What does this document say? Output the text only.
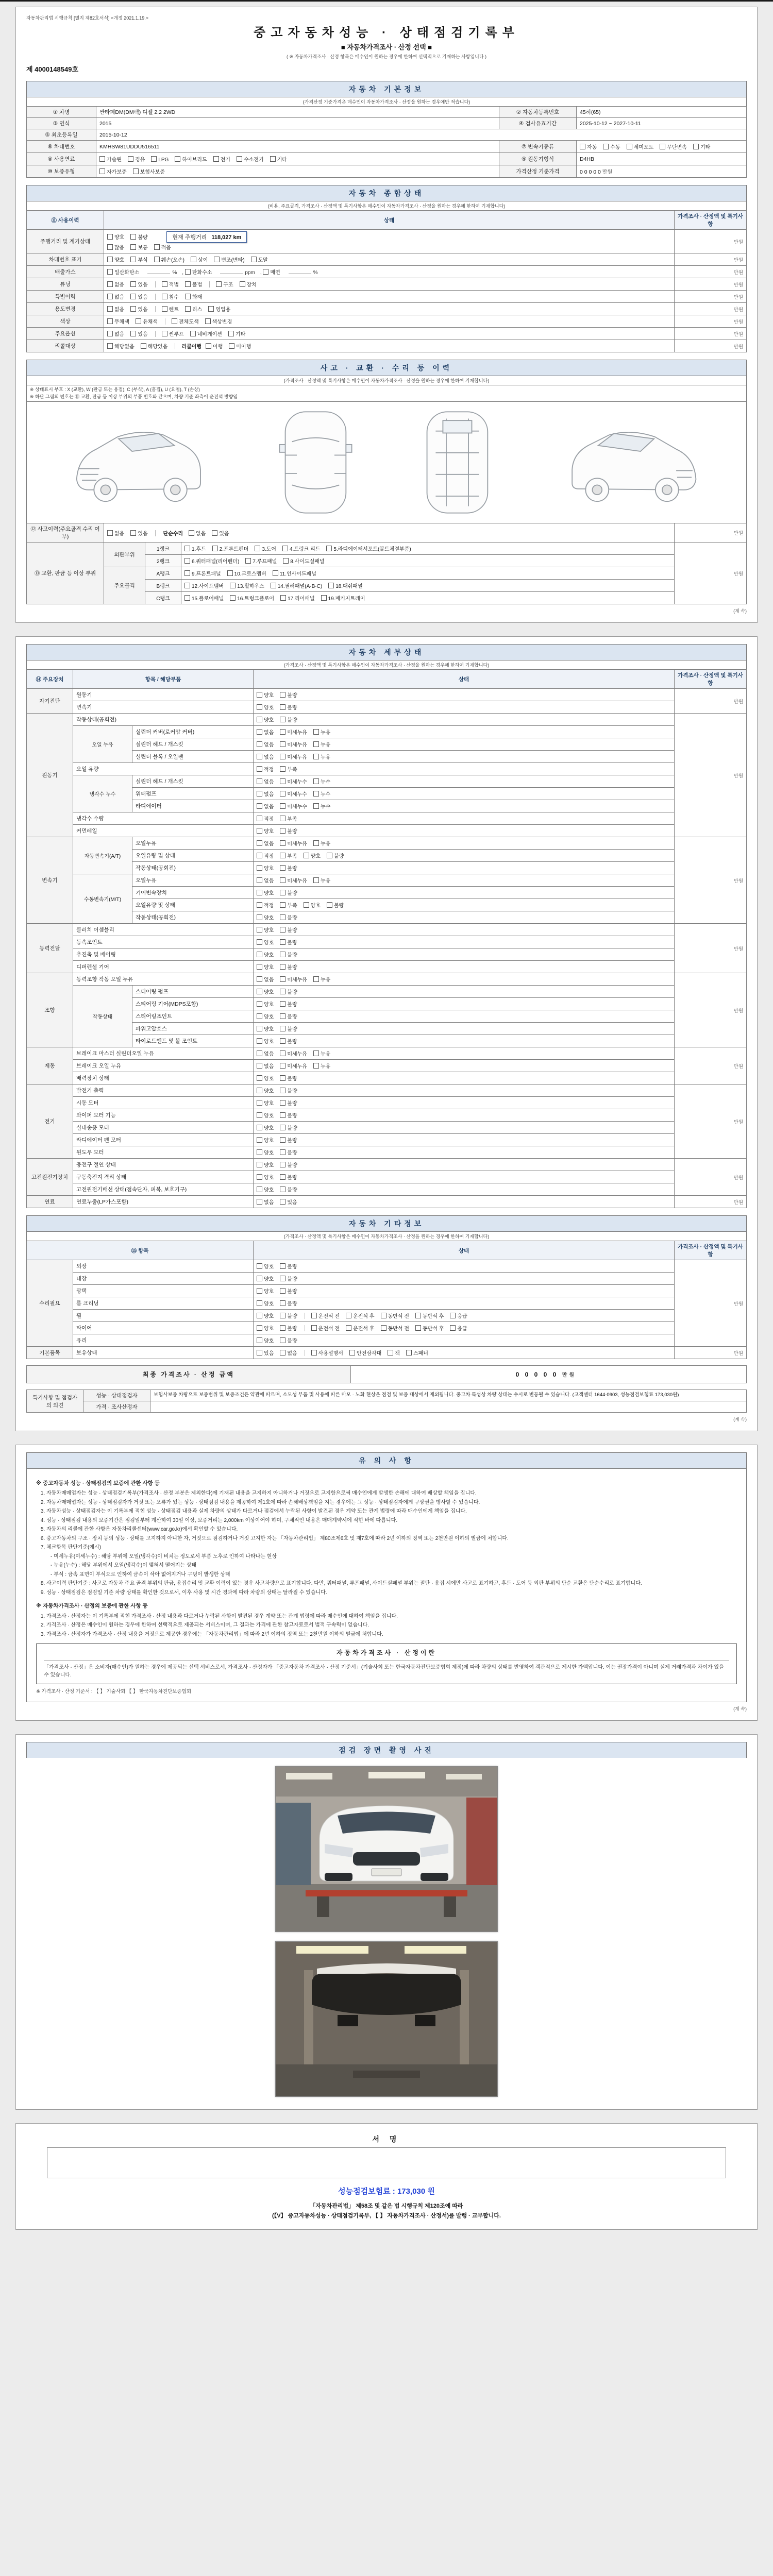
자동차관리법 시행규칙 [별지 제82호서식] <개정 2021.1.19.>
중고자동차성능 · 상태점검기록부
■ 자동차가격조사 · 산정 선택 ■
( ※ 자동차가격조사 · 산정 항목은 매수인이 원하는 경우에 한하여 선택적으로 기재하는 사항입니다 )
제 4000148549호
자동차 기본정보
(가격산정 기준가격은 매수인이 자동차가격조사 · 산정을 원하는 경우에만 적습니다)
① 차명	싼타페DM(DM팩) 디젤 2.2 2WD	② 자동차등록번호	45허(65)
③ 연식	2015	④ 검사유효기간	2025-10-12 ~ 2027-10-11
⑤ 최초등록일	2015-10-12		
⑥ 차대번호	KMHSW81UDDU516511	⑦ 변속기종류	자동 수동 세미오토 무단변속 기타
⑧ 사용연료	가솔린 경유 LPG 하이브리드 전기 수소전기 기타	⑨ 원동기형식	D4HB
⑩ 보증유형	자가보증 보험사보증	가격산정 기준가격	0 0 0 0 0 만원
자동차 종합상태
(비용, 주요골격, 가격조사 · 산정액 및 특기사항은 매수인이 자동차가격조사 · 산정을 원하는 경우에 한하여 기재합니다)
⑪ 사용이력	상태	가격조사 · 산정액 및 특기사항
주행거리 및 계기상태	양호 불량 현재 주행거리 118,027 km
많음 보통 적음	만원
차대번호 표기	양호 부식 훼손(오손) 상이 변조(변타) 도말	만원
배출가스	일산화탄소 % , 탄화수소 ppm , 매연 %	만원
튜닝	없음 있음 적법 불법 구조 장치	만원
특별이력	없음 있음 침수 화재	만원
용도변경	없음 있음 렌트 리스 영업용	만원
색상	무채색 유채색 전체도색 색상변경	만원
주요옵션	없음 있음 썬루프 네비게이션 기타	만원
리콜대상	해당없음 해당있음 리콜이행 이행 미이행	만원
사고 · 교환 · 수리 등 이력
(가격조사 · 산정액 및 특기사항은 매수인이 자동차가격조사 · 산정을 원하는 경우에 한하여 기재합니다)
※ 상태표시 부호 : X (교환), W (판금 또는 용접), C (부식), A (흠집), U (요철), T (손상)
※ 하단 그림의 번호는 ⑬ 교환, 판금 등 이상 부위의 부품 번호와 같으며, 차량 기준 좌측이 운전석 방향임
⑫ 사고이력(주요골격 수리 여부)	없음 있음 단순수리 없음 있음			만원
⑬ 교환, 판금 등 이상 부위	외판부위	1랭크	1.후드 2.프론트펜더 3.도어 4.트렁크 리드 5.라디에이터서포트(볼트체결부품)	만원
		2랭크	6.쿼터패널(리어펜더) 7.루프패널 8.사이드실패널	
	주요골격	A랭크	9.프론트패널 10.크로스멤버 11.인사이드패널	
		B랭크	12.사이드멤버 13.휠하우스 14.필러패널(A·B·C) 18.대쉬패널	
		C랭크	15.플로어패널 16.트렁크플로어 17.리어패널 19.패키지트레이	
(계 속)
자동차 세부상태
(가격조사 · 산정액 및 특기사항은 매수인이 자동차가격조사 · 산정을 원하는 경우에 한하여 기재합니다)
⑭ 주요장치	항목 / 해당부품		상태	가격조사 · 산정액 및 특기사항
자기진단	원동기		양호 불량	만원
	변속기		양호 불량	
원동기	작동상태(공회전)		양호 불량	만원
	오일 누유	실린더 커버(로커암 커버)	없음 미세누유 누유	
		실린더 헤드 / 개스킷	없음 미세누유 누유	
		실린더 블록 / 오일팬	없음 미세누유 누유	
	오일 유량		적정 부족	
	냉각수 누수	실린더 헤드 / 개스킷	없음 미세누수 누수	
		워터펌프	없음 미세누수 누수	
		라디에이터	없음 미세누수 누수	
	냉각수 수량		적정 부족	
	커먼레일		양호 불량	
변속기	자동변속기(A/T)	오일누유	없음 미세누유 누유	만원
		오일유량 및 상태	적정 부족 양호 불량	
		작동상태(공회전)	양호 불량	
	수동변속기(M/T)	오일누유	없음 미세누유 누유	
		기어변속장치	양호 불량	
		오일유량 및 상태	적정 부족 양호 불량	
		작동상태(공회전)	양호 불량	
동력전달	클러치 어셈블리		양호 불량	만원
	등속조인트		양호 불량	
	추진축 및 베어링		양호 불량	
	디퍼렌셜 기어		양호 불량	
조향	동력조향 작동 오일 누유		없음 미세누유 누유	만원
	작동상태	스티어링 펌프	양호 불량	
		스티어링 기어(MDPS포함)	양호 불량	
		스티어링조인트	양호 불량	
		파워고압호스	양호 불량	
		타이로드엔드 및 볼 조인트	양호 불량	
제동	브레이크 마스터 실린더오일 누유		없음 미세누유 누유	만원
	브레이크 오일 누유		없음 미세누유 누유	
	배력장치 상태		양호 불량	
전기	발전기 출력		양호 불량	만원
	시동 모터		양호 불량	
	와이퍼 모터 기능		양호 불량	
	실내송풍 모터		양호 불량	
	라디에이터 팬 모터		양호 불량	
	윈도우 모터		양호 불량	
고전원전기장치	충전구 절연 상태		양호 불량	만원
	구동축전지 격리 상태		양호 불량	
	고전원전기배선 상태(접속단자, 피복, 보호기구)		양호 불량	
연료	연료누출(LP가스포함)		없음 있음	만원
자동차 기타정보
(가격조사 · 산정액 및 특기사항은 매수인이 자동차가격조사 · 산정을 원하는 경우에 한하여 기재합니다)
⑮ 항목		상태	가격조사 · 산정액 및 특기사항
수리필요	외장	양호 불량	만원
	내장	양호 불량	
	광택	양호 불량	
	룸 크리닝	양호 불량	
	휠	양호 불량 운전석 전 운전석 후 동반석 전 동반석 후 응급	
	타이어	양호 불량 운전석 전 운전석 후 동반석 전 동반석 후 응급	
	유리	양호 불량	
기본품목	보유상태	있음 없음 사용설명서 안전삼각대 잭 스패너	만원
최종 가격조사 · 산정 금액	0 0 0 0 0 만원
특기사항 및 점검자의 의견	성능 · 상태점검자	보험사보증 차량으로 보증범위 및 보증조건은 약관에 따르며, 소모성 부품 및 사용에 따른 마모 · 노화 현상은 점검 및 보증 대상에서 제외됩니다. 중고차 특성상 차량 상태는 수시로 변동될 수 있습니다. (고객센터 1644-0903, 성능점검보험료 173,030원)
	가격 · 조사산정자	
(계 속)
유 의 사 항
※ 중고자동차 성능 · 상태점검의 보증에 관한 사항 등
1. 자동차매매업자는 성능 · 상태점검기록부(가격조사 · 산정 부분은 제외한다)에 기재된 내용을 고지하지 아니하거나 거짓으로 고지함으로써 매수인에게 발생한 손해에 대하여 배상할 책임을 집니다.
2. 자동차매매업자는 성능 · 상태점검자가 거짓 또는 오류가 있는 성능 · 상태점검 내용을 제공하여 제1호에 따라 손해배상책임을 지는 경우에는 그 성능 · 상태점검자에게 구상권을 행사할 수 있습니다.
3. 자동차성능 · 상태점검자는 이 기록부에 적힌 성능 · 상태점검 내용과 실제 차량의 상태가 다르거나 점검에서 누락된 사항이 발견된 경우 계약 또는 관계 법령에 따라 매수인에게 책임을 집니다.
4. 성능 · 상태점검 내용의 보증기간은 점검일부터 계산하여 30일 이상, 보증거리는 2,000km 이상이어야 하며, 구체적인 내용은 매매계약서에 적힌 바에 따릅니다.
5. 자동차의 리콜에 관한 사항은 자동차리콜센터(www.car.go.kr)에서 확인할 수 있습니다.
6. 중고자동차의 구조 · 장치 등의 성능 · 상태를 고지하지 아니한 자, 거짓으로 점검하거나 거짓 고지한 자는 「자동차관리법」 제80조제6호 및 제7호에 따라 2년 이하의 징역 또는 2천만원 이하의 벌금에 처합니다.
7. 체크항목 판단기준(예시)
- 미세누유(미세누수) : 해당 부위에 오일(냉각수)이 비치는 정도로서 부품 노후로 인하여 나타나는 현상
- 누유(누수) : 해당 부위에서 오일(냉각수)이 맺혀서 떨어지는 상태
- 부식 : 금속 표면이 부식으로 인하여 금속이 삭아 없어지거나 구멍이 발생한 상태
8. 사고이력 판단기준 : 사고로 자동차 주요 골격 부위의 판금, 용접수리 및 교환 이력이 있는 경우 사고차량으로 표기합니다. 다만, 쿼터패널, 루프패널, 사이드실패널 부위는 절단 · 용접 시에만 사고로 표기하고, 후드 · 도어 등 외판 부위의 단순 교환은 단순수리로 표기합니다.
9. 성능 · 상태점검은 점검일 기준 차량 상태를 확인한 것으로서, 이후 사용 및 시간 경과에 따라 차량의 상태는 달라질 수 있습니다.
※ 자동차가격조사 · 산정의 보증에 관한 사항 등
1. 가격조사 · 산정자는 이 기록부에 적힌 가격조사 · 산정 내용과 다르거나 누락된 사항이 발견된 경우 계약 또는 관계 법령에 따라 매수인에 대하여 책임을 집니다.
2. 가격조사 · 산정은 매수인이 원하는 경우에 한하여 선택적으로 제공되는 서비스이며, 그 결과는 가격에 관한 참고자료로서 법적 구속력이 없습니다.
3. 가격조사 · 산정자가 가격조사 · 산정 내용을 거짓으로 제공한 경우에는 「자동차관리법」에 따라 2년 이하의 징역 또는 2천만원 이하의 벌금에 처합니다.
자동차가격조사 · 산정이란
「가격조사 · 산정」은 소비자(매수인)가 원하는 경우에 제공되는 선택 서비스로서, 가격조사 · 산정자가 「중고자동차 가격조사 · 산정 기준서」(기술사회 또는 한국자동차진단보증협회 제정)에 따라 차량의 상태를 반영하여 객관적으로 제시한 가액입니다. 이는 권장가격이 아니며 실제 거래가격과 차이가 있을 수 있습니다.
※ 가격조사 · 산정 기준서 : 【 】 기술사회 【 】 한국자동차진단보증협회
(계 속)
점검 장면 촬영 사진
서 명
성능점검보험료 : 173,030 원
「자동차관리법」 제58조 및 같은 법 시행규칙 제120조에 따라
(【V】 중고자동차성능 · 상태점검기록부, 【 】 자동차가격조사 · 산정서)를 발행 · 교부합니다.
